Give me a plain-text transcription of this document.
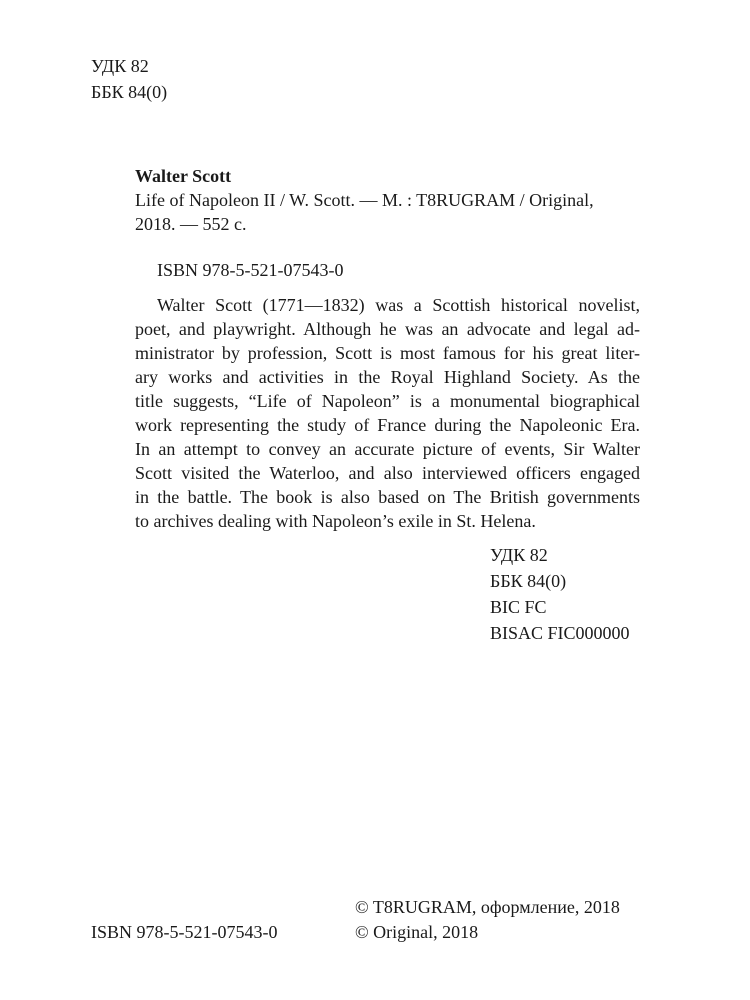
УДК 82
ББК 84(0)
Walter Scott
Life of Napoleon II / W. Scott. — M. : T8RUGRAM / Original,
2018. — 552 с.
ISBN 978-5-521-07543-0
Walter Scott (1771—1832) was a Scottish historical novelist,
poet, and playwright. Although he was an advocate and legal ad-
ministrator by profession, Scott is most famous for his great liter-
ary works and activities in the Royal Highland Society. As the
title suggests, “Life of Napoleon” is a monumental biographical
work representing the study of France during the Napoleonic Era.
In an attempt to convey an accurate picture of events, Sir Walter
Scott visited the Waterloo, and also interviewed officers engaged
in the battle. The book is also based on The British governments
to archives dealing with Napoleon’s exile in St. Helena.
УДК 82
ББК 84(0)
BIC FC
BISAC FIC000000
ISBN 978-5-521-07543-0
© T8RUGRAM, оформление, 2018
© Original, 2018
